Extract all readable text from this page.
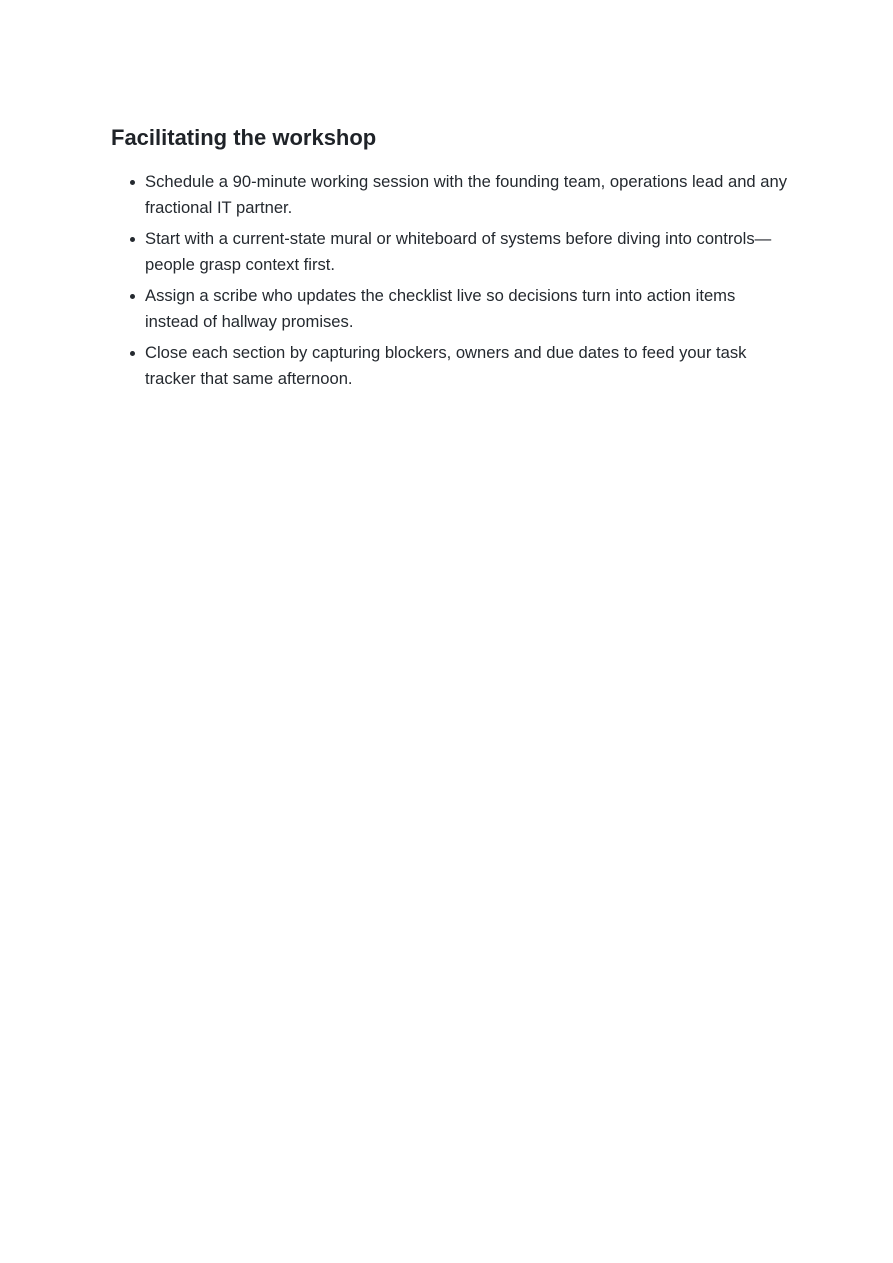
Facilitating the workshop
Schedule a 90-minute working session with the founding team, operations lead and any fractional IT partner.
Start with a current-state mural or whiteboard of systems before diving into controls—people grasp context first.
Assign a scribe who updates the checklist live so decisions turn into action items instead of hallway promises.
Close each section by capturing blockers, owners and due dates to feed your task tracker that same afternoon.
